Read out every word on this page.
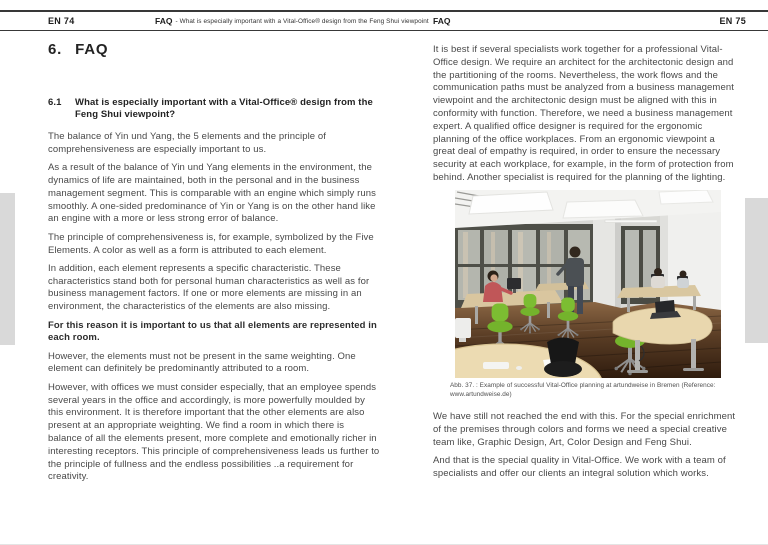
EN 74	FAQ - What is especially important with a Vital-Office® design from the Feng Shui viewpoint FAQ	EN 75
6. FAQ
6.1	What is especially important with a Vital-Office® design from the Feng Shui viewpoint?

The balance of Yin und Yang, the 5 elements and the principle of comprehensiveness are especially important to us.

As a result of the balance of Yin und Yang elements in the environment, the dynamics of life are maintained, both in the personal and in the business management segment. This is comparable with an engine which simply runs smoothly. A one-sided predominance of Yin or Yang is on the other hand like an engine with a more or less strong error of balance.

The principle of comprehensiveness is, for example, symbolized by the Five Elements. A color as well as a form is attributed to each element.

In addition, each element represents a specific characteristic. These characteristics stand both for personal human characteristics as well as for business management factors. If one or more elements are missing in an environment, the characteristics of the elements are also missing.

For this reason it is important to us that all elements are represented in each room.

However, the elements must not be present in the same weighting. One element can definitely be predominantly attributed to a room.

However, with offices we must consider especially, that an employee spends several years in the office and accordingly, is more powerfully moulded by this environment. It is therefore important that the other elements are also present at an appropriate weighting. We find a room in which there is balance of all the elements present, more complete and emotionally richer in interesting receptors. This principle of comprehensiveness leads us further to the principle of fullness and the endless possibilities ..a requirement for creativity.

It is best if several specialists work together for a professional Vital-Office design. We require an architect for the architectonic design and the partitioning of the rooms. Nevertheless, the work flows and the communication paths must be analyzed from a business management viewpoint and the architectonic design must be aligned with this in conformity with function. Therefore, we need a business management expert. A qualified office designer is required for the ergonomic planning of the office workplaces. From an ergonomic viewpoint a great deal of empathy is required, in order to ensure the necessary security at each workplace, for example, in the form of protection from behind. Another specialist is required for the planning of the lighting.

Abb. 37. : Example of successful Vital-Office planning at artundweise in Bremen (Reference: www.artundweise.de)

We have still not reached the end with this. For the special enrichment of the premises through colors and forms we need a special creative team like, Graphic Design, Art, Color Design and Feng Shui.

And that is the special quality in Vital-Office. We work with a team of specialists and offer our clients an integral solution which works.
